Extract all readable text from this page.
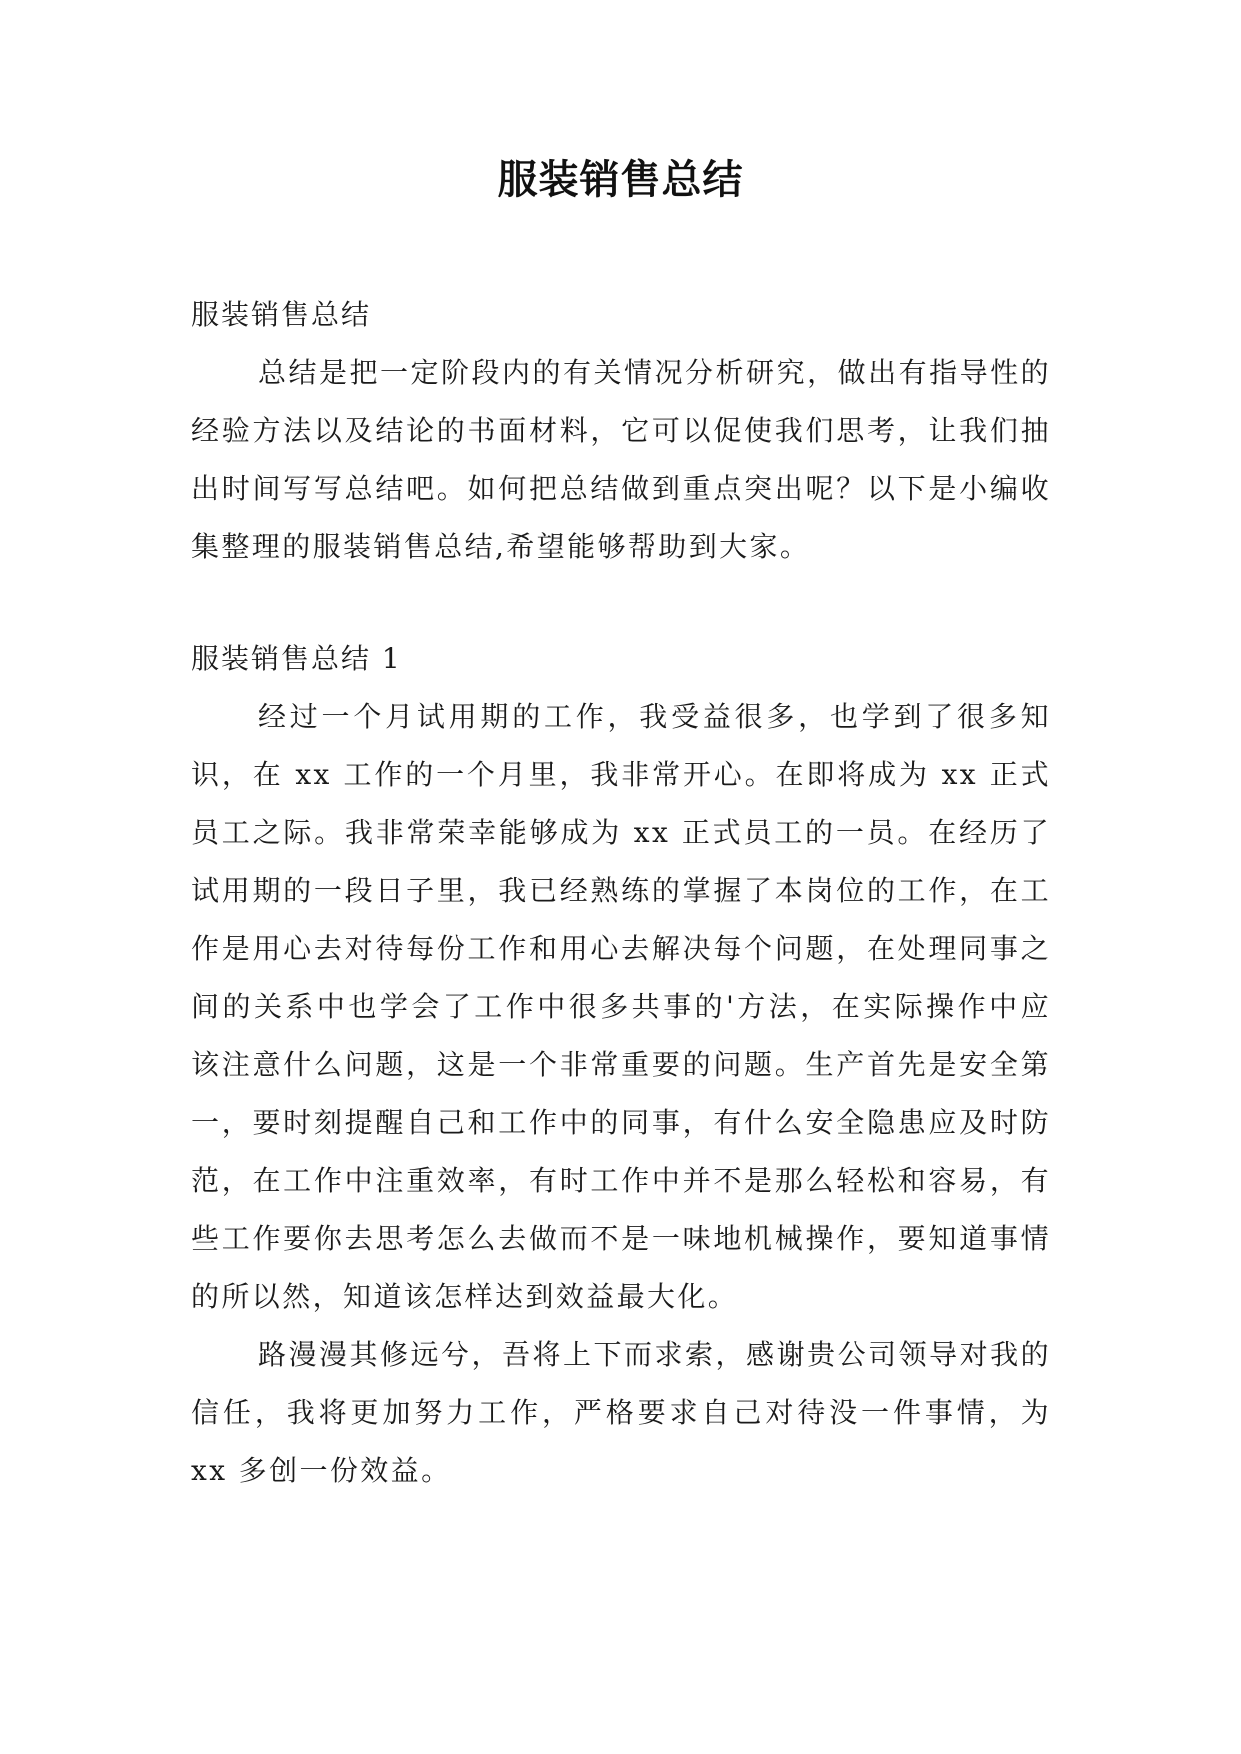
服装销售总结

服装销售总结

总结是把一定阶段内的有关情况分析研究，做出有指导性的经验方法以及结论的书面材料，它可以促使我们思考，让我们抽出时间写写总结吧。如何把总结做到重点突出呢？以下是小编收集整理的服装销售总结,希望能够帮助到大家。

服装销售总结 1

经过一个月试用期的工作，我受益很多，也学到了很多知识，在 xx 工作的一个月里，我非常开心。在即将成为 xx 正式员工之际。我非常荣幸能够成为 xx 正式员工的一员。在经历了试用期的一段日子里，我已经熟练的掌握了本岗位的工作，在工作是用心去对待每份工作和用心去解决每个问题，在处理同事之间的关系中也学会了工作中很多共事的'方法，在实际操作中应该注意什么问题，这是一个非常重要的问题。生产首先是安全第一，要时刻提醒自己和工作中的同事，有什么安全隐患应及时防范，在工作中注重效率，有时工作中并不是那么轻松和容易，有些工作要你去思考怎么去做而不是一味地机械操作，要知道事情的所以然，知道该怎样达到效益最大化。

路漫漫其修远兮，吾将上下而求索，感谢贵公司领导对我的信任，我将更加努力工作，严格要求自己对待没一件事情，为 xx 多创一份效益。
